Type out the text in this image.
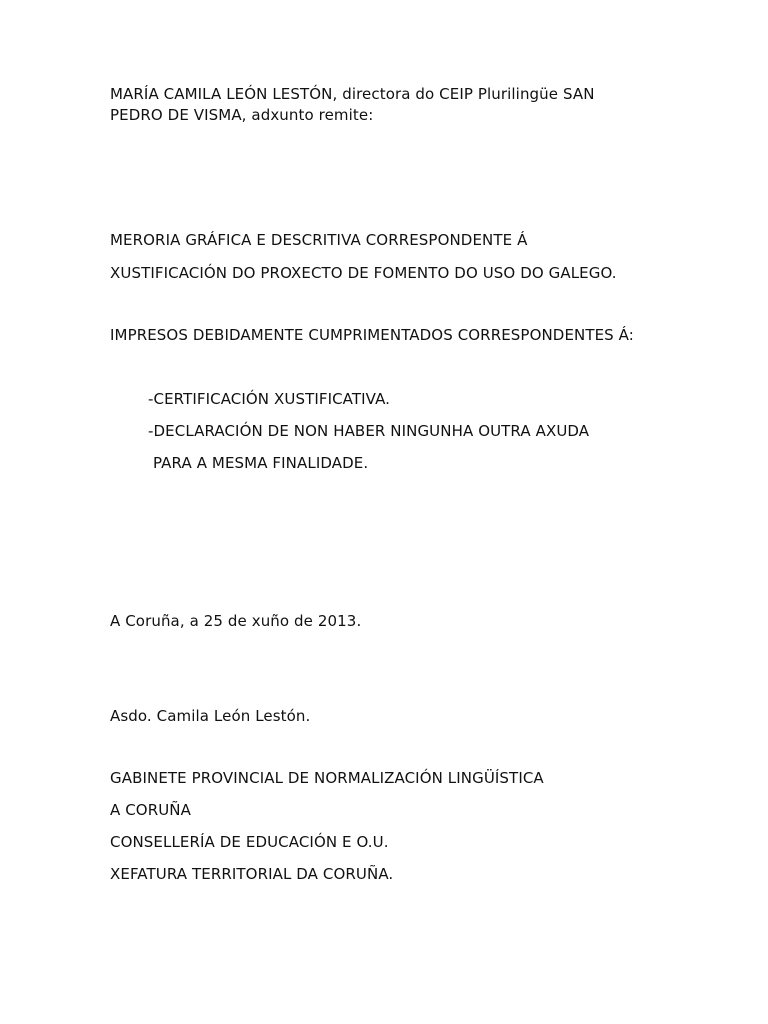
MARÍA CAMILA LEÓN LESTÓN, directora do CEIP Plurilingüe SAN
PEDRO DE VISMA, adxunto remite:
MERORIA GRÁFICA E DESCRITIVA CORRESPONDENTE Á
XUSTIFICACIÓN DO PROXECTO DE FOMENTO DO USO DO GALEGO.
IMPRESOS DEBIDAMENTE CUMPRIMENTADOS CORRESPONDENTES Á:
-CERTIFICACIÓN XUSTIFICATIVA.
-DECLARACIÓN DE NON HABER NINGUNHA OUTRA AXUDA
PARA A MESMA FINALIDADE.
A Coruña, a 25 de xuño de 2013.
Asdo. Camila León Lestón.
GABINETE PROVINCIAL DE NORMALIZACIÓN LINGÜÍSTICA
A CORUÑA
CONSELLERÍA DE EDUCACIÓN E O.U.
XEFATURA TERRITORIAL DA CORUÑA.
